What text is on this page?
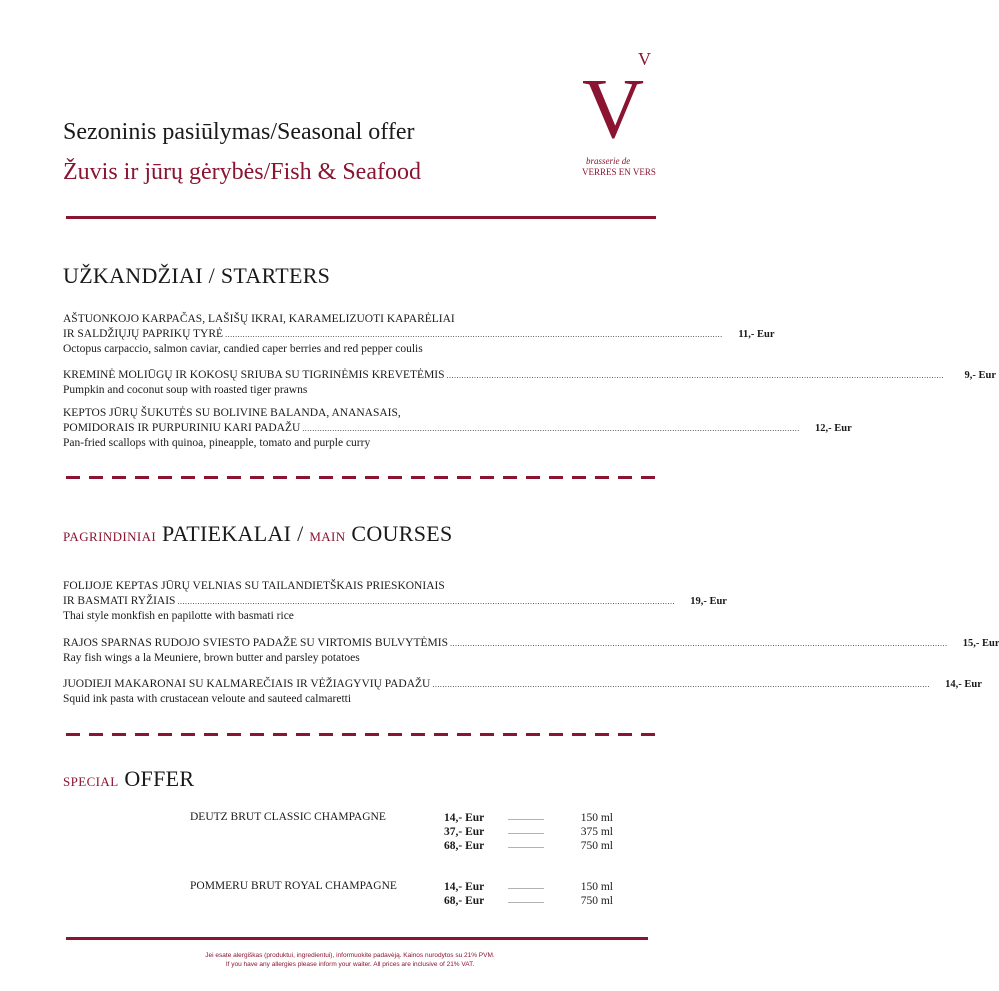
Sezoninis pasiūlymas/Seasonal offer
Žuvis ir jūrų gėrybės/Fish & Seafood
V
V
brasserie de
VERRES EN VERS
UŽKANDŽIAI / STARTERS
AŠTUONKOJO KARPAČAS, LAŠIŠŲ IKRAI, KARAMELIZUOTI KAPARĖLIAI
IR SALDŽIŲJŲ PAPRIKŲ TYRĖ .......................................................................................................................................................................................................	11,- Eur
Octopus carpaccio, salmon caviar, candied caper berries and red pepper coulis
KREMINĖ MOLIŪGŲ IR KOKOSŲ SRIUBA SU TIGRINĖMIS KREVETĖMIS .......................................................................................................................................................................................................	9,- Eur
Pumpkin and coconut soup with roasted tiger prawns
KEPTOS JŪRŲ ŠUKUTĖS SU BOLIVINE BALANDA, ANANASAIS,
POMIDORAIS IR PURPURINIU KARI PADAŽU .......................................................................................................................................................................................................	12,- Eur
Pan-fried scallops with quinoa, pineapple, tomato and purple curry
PAGRINDINIAI PATIEKALAI / MAIN COURSES
FOLIJOJE KEPTAS JŪRŲ VELNIAS SU TAILANDIETŠKAIS PRIESKONIAIS
IR BASMATI RYŽIAIS .......................................................................................................................................................................................................	19,- Eur
Thai style monkfish en papilotte with basmati rice
RAJOS SPARNAS RUDOJO SVIESTO PADAŽE SU VIRTOMIS BULVYTĖMIS .......................................................................................................................................................................................................	15,- Eur
Ray fish wings a la Meuniere, brown butter and parsley potatoes
JUODIEJI MAKARONAI SU KALMAREČIAIS IR VĖŽIAGYVIŲ PADAŽU .......................................................................................................................................................................................................	14,- Eur
Squid ink pasta with crustacean veloute and sauteed calmaretti
SPECIAL OFFER
DEUTZ BRUT CLASSIC CHAMPAGNE	14,- Eur	..................	150 ml
37,- Eur	..................	375 ml
68,- Eur	..................	750 ml
POMMERU BRUT ROYAL CHAMPAGNE	14,- Eur	..................	150 ml
68,- Eur	..................	750 ml
Jei esate alergiškas (produktui, ingredientui), informuokite padavėją. Kainos nurodytos su 21% PVM.
If you have any allergies please inform your waiter. All prices are inclusive of 21% VAT.
